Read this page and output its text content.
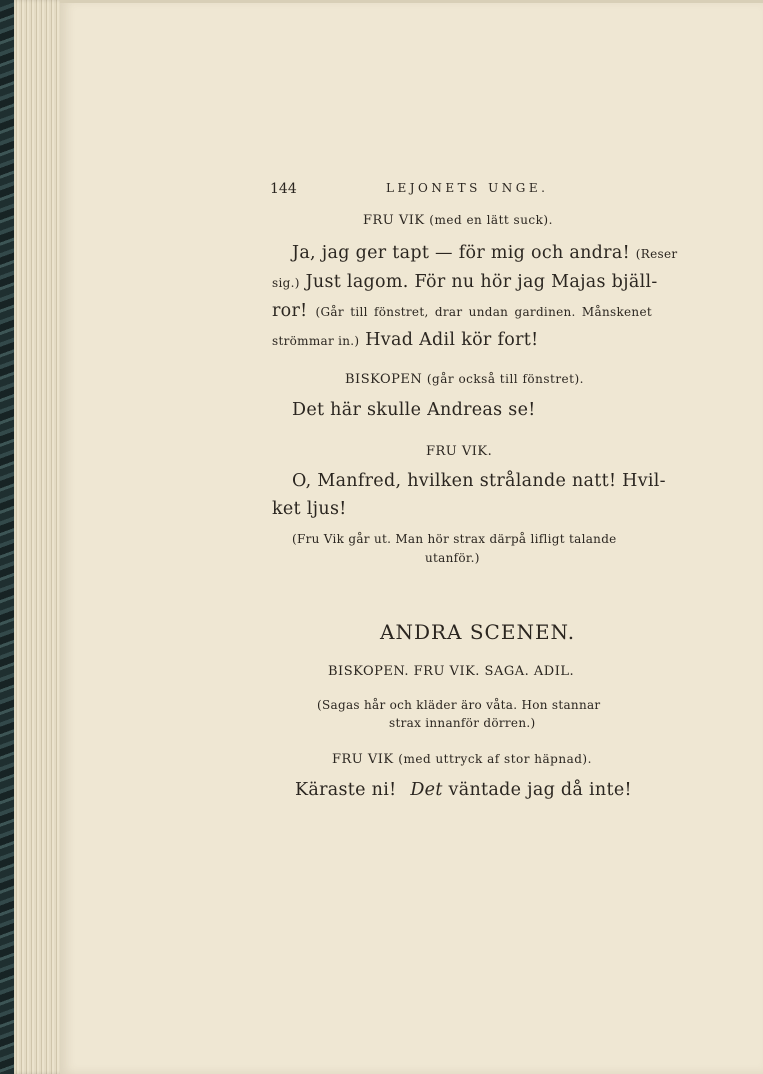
144	LEJONETS UNGE.
FRU VIK (med en lätt suck).
Ja, jag ger tapt — för mig och andra! (Reser
sig.) Just lagom. För nu hör jag Majas bjäll-
ror! (Går till fönstret, drar undan gardinen. Månskenet
strömmar in.) Hvad Adil kör fort!
BISKOPEN (går också till fönstret).
Det här skulle Andreas se!
FRU VIK.
O, Manfred, hvilken strålande natt! Hvil-
ket ljus!
(Fru Vik går ut. Man hör strax därpå lifligt talande
utanför.)
ANDRA SCENEN.
BISKOPEN. FRU VIK. SAGA. ADIL.
(Sagas hår och kläder äro våta. Hon stannar
strax innanför dörren.)
FRU VIK (med uttryck af stor häpnad).
Käraste ni! Det väntade jag då inte!
